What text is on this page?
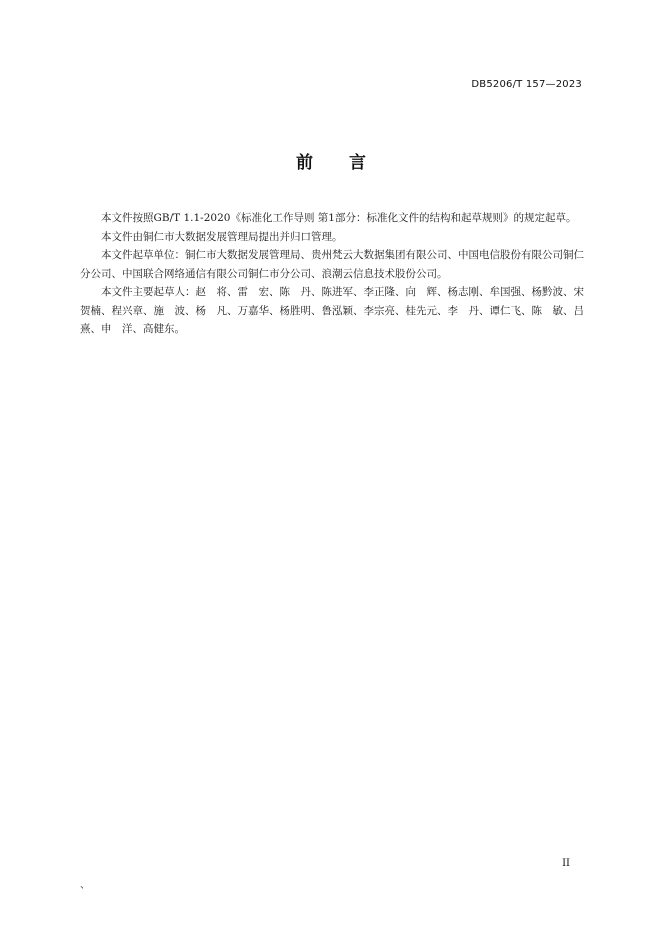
DB5206/T 157—2023
前言

本文件按照GB/T 1.1-2020《标准化工作导则 第1部分：标准化文件的结构和起草规则》的规定起草。

本文件由铜仁市大数据发展管理局提出并归口管理。

本文件起草单位：铜仁市大数据发展管理局、贵州梵云大数据集团有限公司、中国电信股份有限公司铜仁分公司、中国联合网络通信有限公司铜仁市分公司、浪潮云信息技术股份公司。

本文件主要起草人：赵　将、雷　宏、陈　丹、陈进军、李正隆、向　辉、杨志刚、牟国强、杨黔波、宋贺楠、程兴章、施　波、杨　凡、万嘉华、杨胜明、鲁泓颖、李宗亮、桂先元、李　丹、谭仁飞、陈　敏、吕　熹、申　洋、高健东。

II
、
